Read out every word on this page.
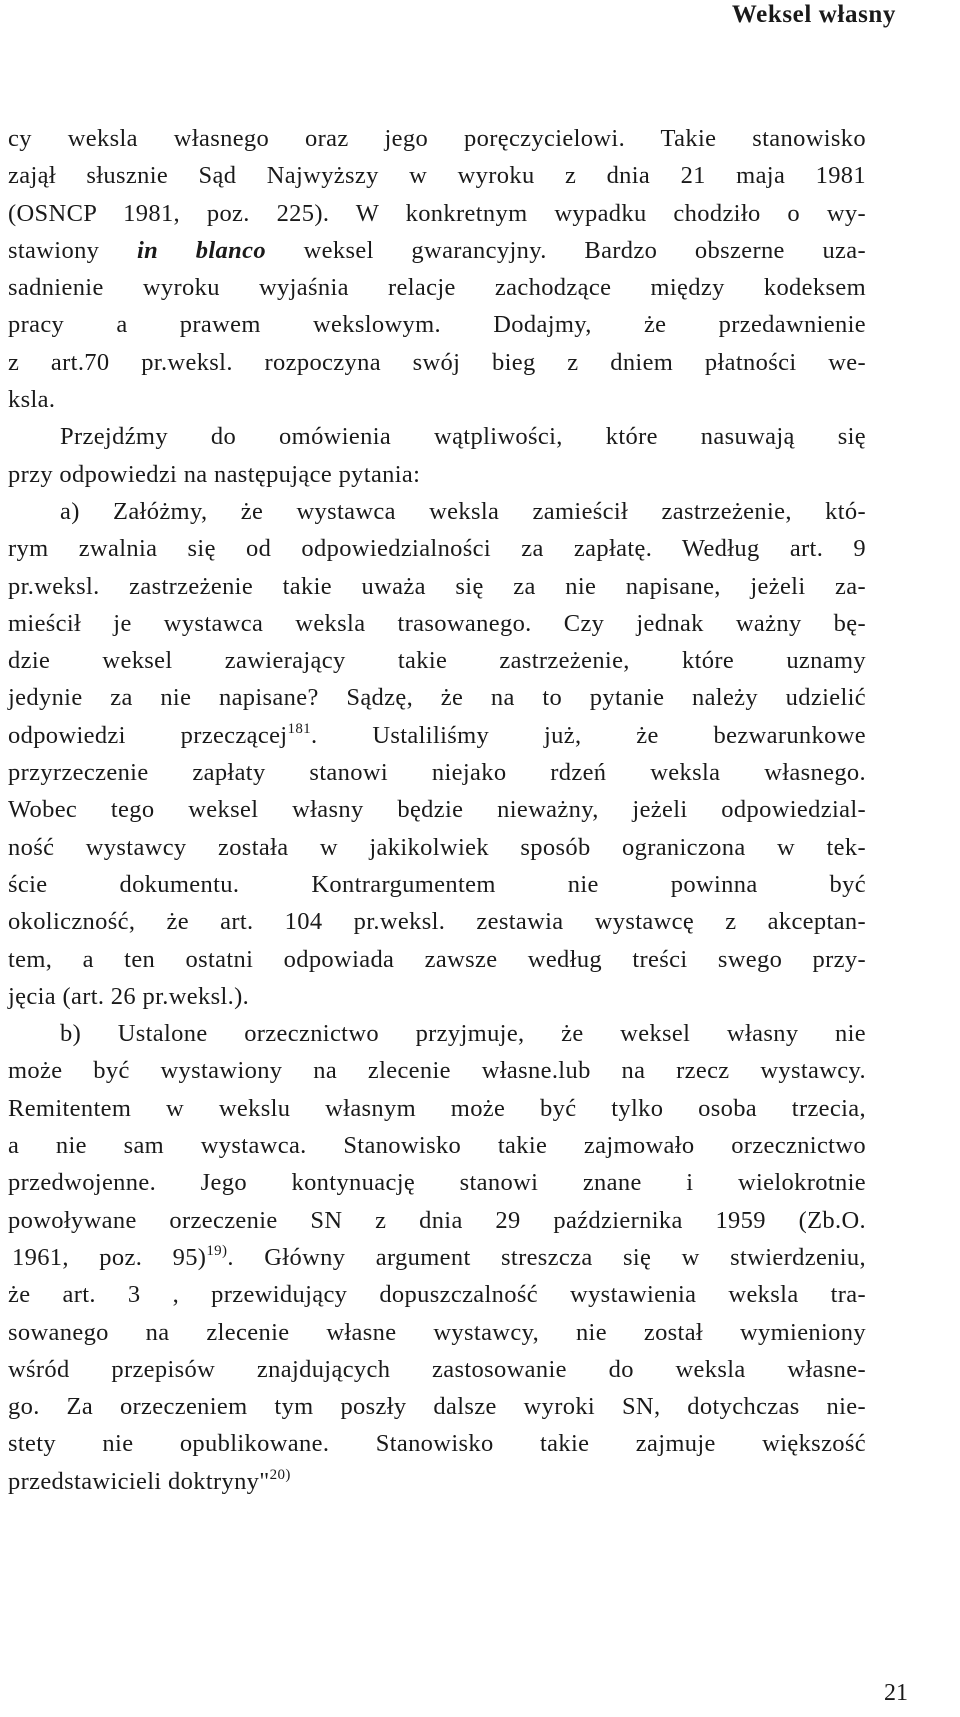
Weksel własny
cy weksla własnego oraz jego poręczycielowi. Takie stanowisko
zajął słusznie Sąd Najwyższy w wyroku z dnia 21 maja 1981
(OSNCP 1981, poz. 225). W konkretnym wypadku chodziło o wy-
stawiony in blanco weksel gwarancyjny. Bardzo obszerne uza-
sadnienie wyroku wyjaśnia relacje zachodzące między kodeksem
pracy a prawem wekslowym. Dodajmy, że przedawnienie
z art.70 pr.weksl. rozpoczyna swój bieg z dniem płatności we-
ksla.
Przejdźmy do omówienia wątpliwości, które nasuwają się
przy odpowiedzi na następujące pytania:
a) Załóżmy, że wystawca weksla zamieścił zastrzeżenie, któ-
rym zwalnia się od odpowiedzialności za zapłatę. Według art. 9
pr.weksl. zastrzeżenie takie uważa się za nie napisane, jeżeli za-
mieścił je wystawca weksla trasowanego. Czy jednak ważny bę-
dzie weksel zawierający takie zastrzeżenie, które uznamy
jedynie za nie napisane? Sądzę, że na to pytanie należy udzielić
odpowiedzi przeczącej$^{181}$. Ustaliliśmy już, że bezwarunkowe
przyrzeczenie zapłaty stanowi niejako rdzeń weksla własnego.
Wobec tego weksel własny będzie nieważny, jeżeli odpowiedzial-
ność wystawcy została w jakikolwiek sposób ograniczona w tek-
ście dokumentu. Kontrargumentem nie powinna być
okoliczność, że art. 104 pr.weksl. zestawia wystawcę z akceptan-
tem, a ten ostatni odpowiada zawsze według treści swego przy-
jęcia (art. 26 pr.weksl.).
b) Ustalone orzecznictwo przyjmuje, że weksel własny nie
może być wystawiony na zlecenie własne.lub na rzecz wystawcy.
Remitentem w wekslu własnym może być tylko osoba trzecia,
a nie sam wystawca. Stanowisko takie zajmowało orzecznictwo
przedwojenne. Jego kontynuację stanowi znane i wielokrotnie
powoływane orzeczenie SN z dnia 29 października 1959 (Zb.O.
1961, poz. 95)$^{19)}$. Główny argument streszcza się w stwierdzeniu,
że art. 3 , przewidujący dopuszczalność wystawienia weksla tra-
sowanego na zlecenie własne wystawcy, nie został wymieniony
wśród przepisów znajdujących zastosowanie do weksla własne-
go. Za orzeczeniem tym poszły dalsze wyroki SN, dotychczas nie-
stety nie opublikowane. Stanowisko takie zajmuje większość
przedstawicieli doktryny"$^{20)}$
21
